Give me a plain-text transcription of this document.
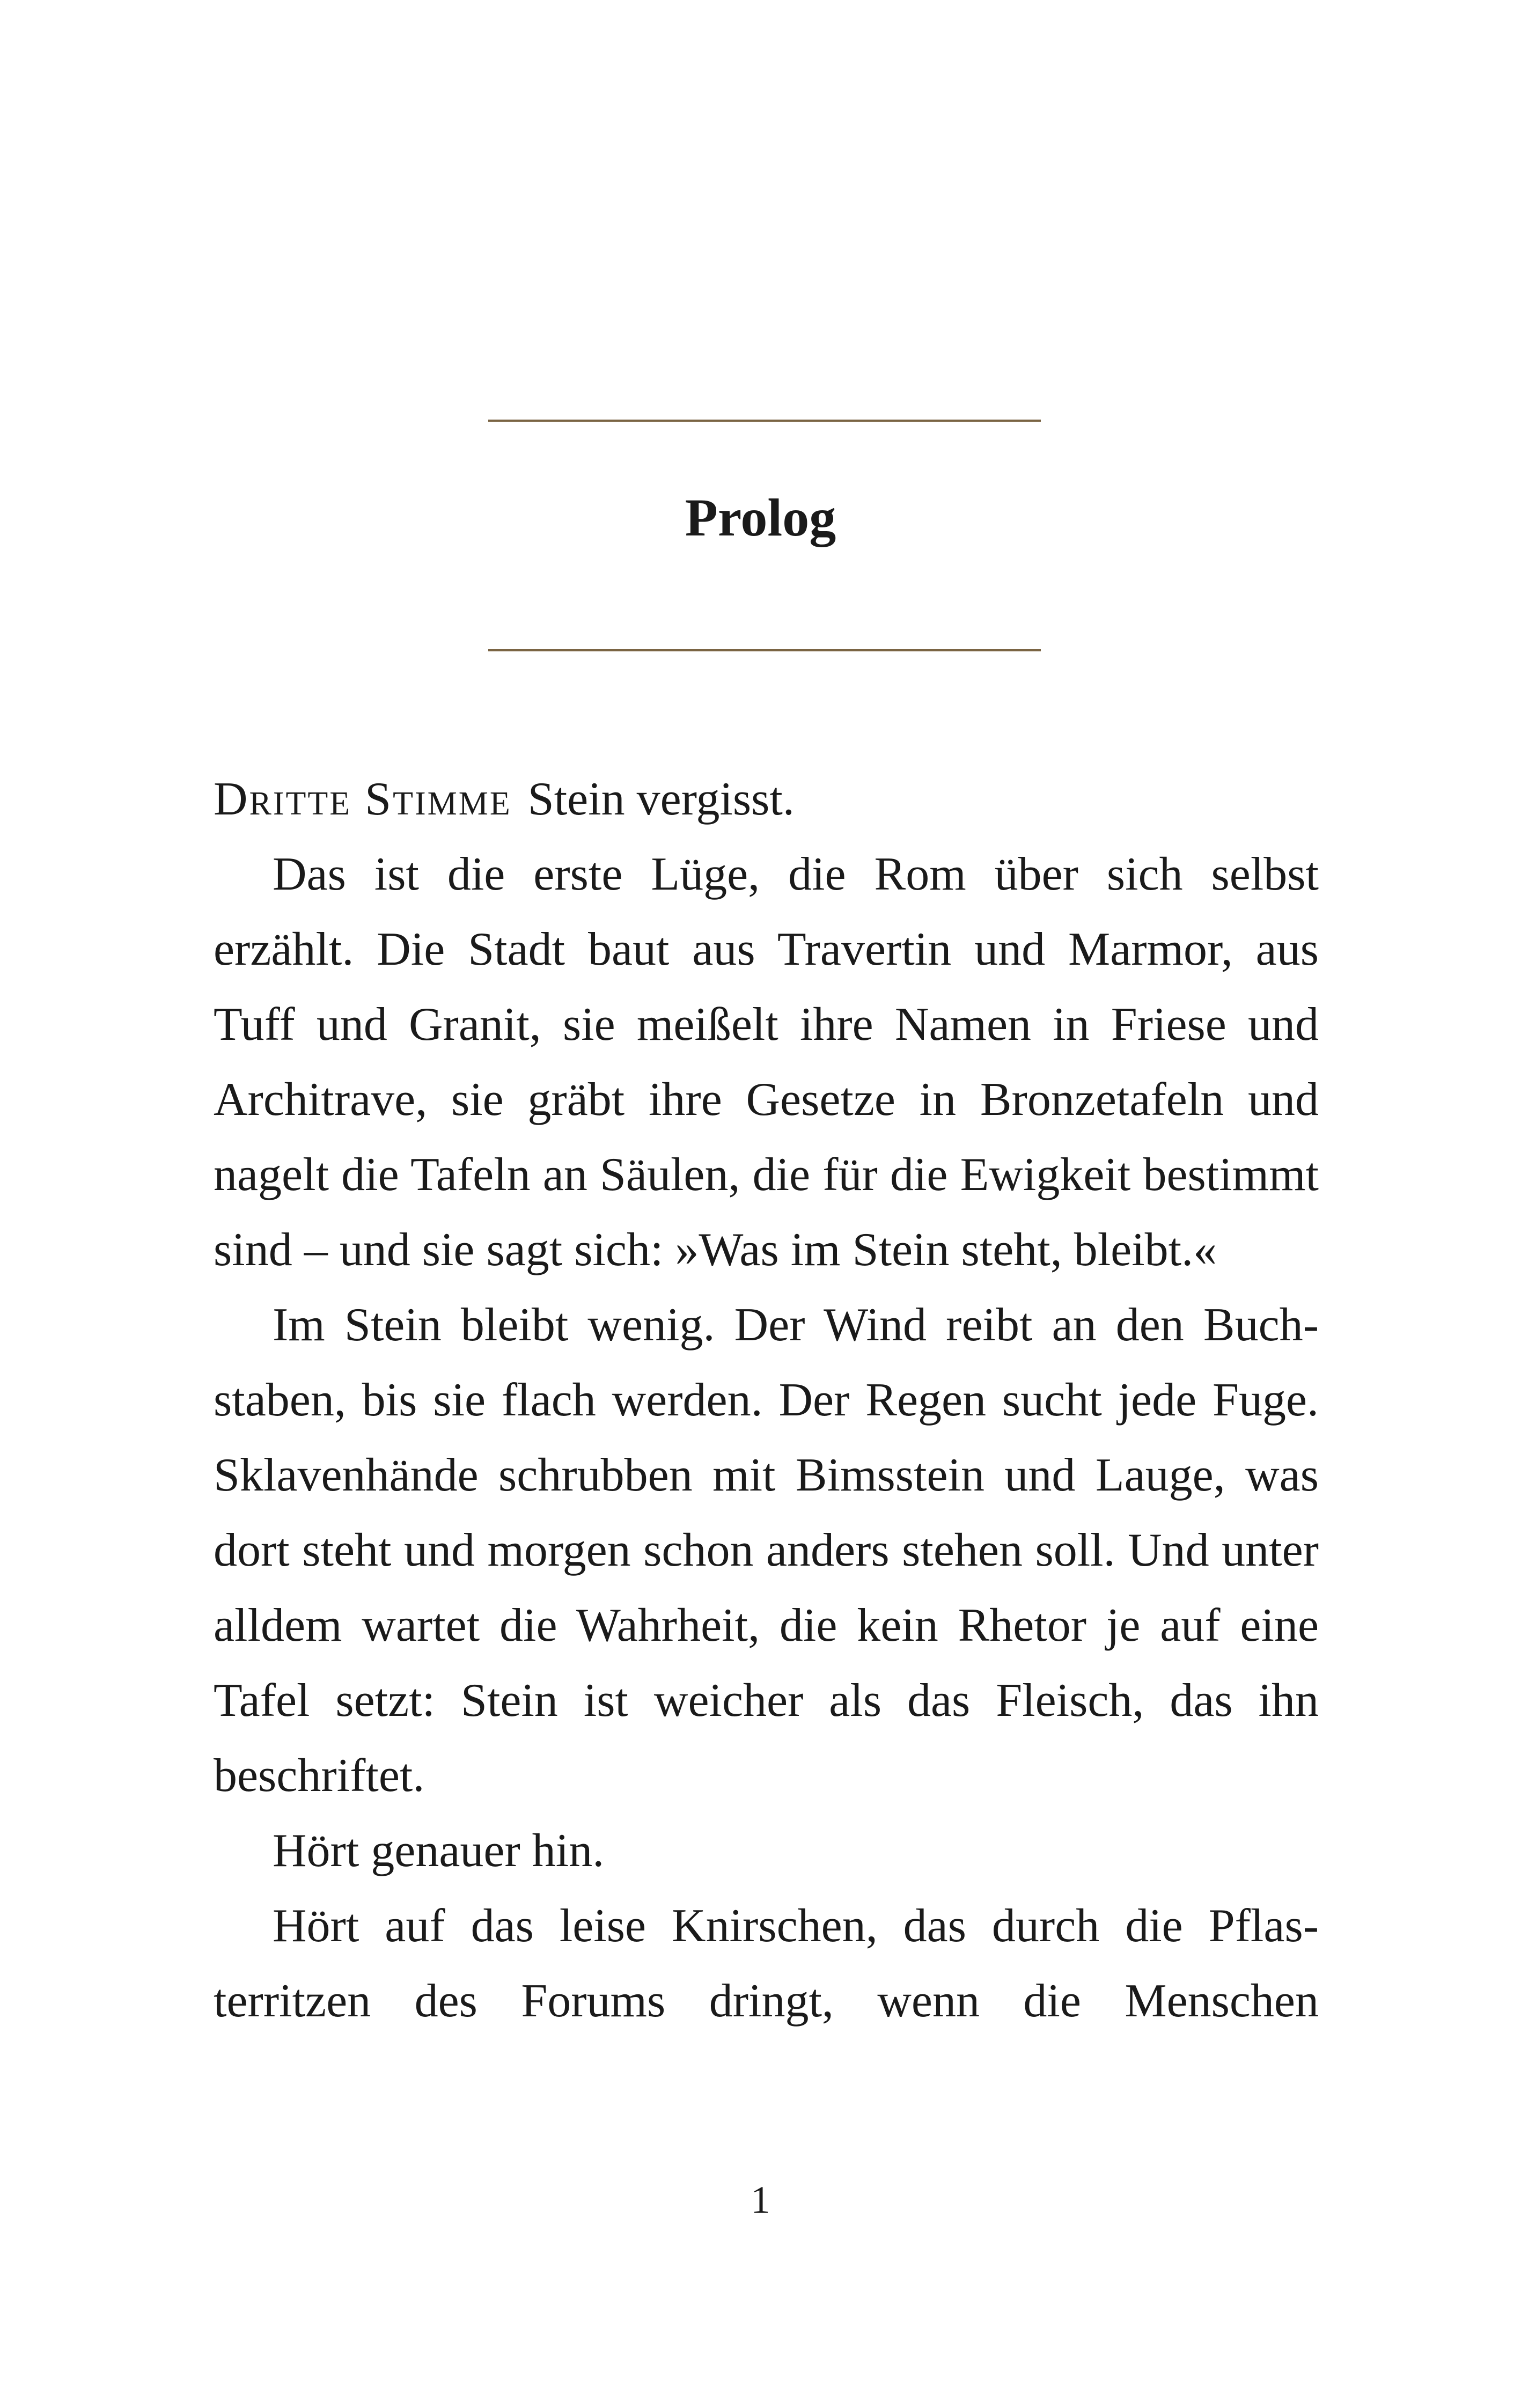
Prolog

Dritte Stimme Stein vergisst.

Das ist die erste Lüge, die Rom über sich selbst erzählt. Die Stadt baut aus Travertin und Marmor, aus Tuff und Granit, sie meißelt ihre Namen in Friese und Architrave, sie gräbt ihre Gesetze in Bronzetafeln und nagelt die Tafeln an Säulen, die für die Ewigkeit bestimmt sind – und sie sagt sich: »Was im Stein steht, bleibt.«

Im Stein bleibt wenig. Der Wind reibt an den Buchstaben, bis sie flach werden. Der Regen sucht jede Fuge. Sklavenhände schrubben mit Bimsstein und Lauge, was dort steht und morgen schon anders stehen soll. Und unter alldem wartet die Wahrheit, die kein Rhetor je auf eine Tafel setzt: Stein ist weicher als das Fleisch, das ihn beschriftet.

Hört genauer hin.

Hört auf das leise Knirschen, das durch die Pflasterritzen des Forums dringt, wenn die Menschen

1
